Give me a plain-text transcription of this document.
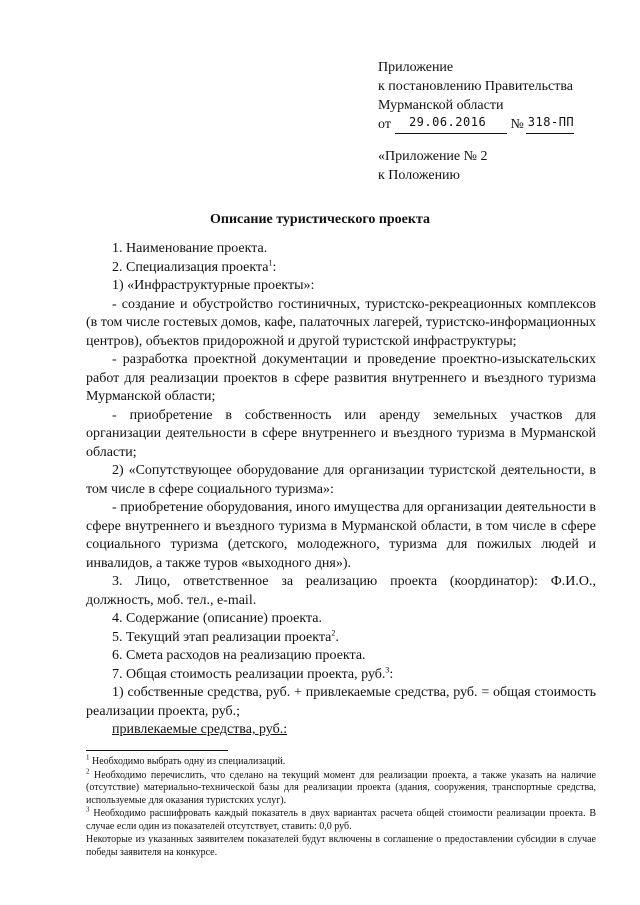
Приложение
к постановлению Правительства
Мурманской области
от 29.06.2016 № 318-ПП
«Приложение № 2
к Положению
Описание туристического проекта

1. Наименование проекта.

2. Специализация проекта$^1$:

1) «Инфраструктурные проекты»:

- создание и обустройство гостиничных, туристско-рекреационных комплексов (в том числе гостевых домов, кафе, палаточных лагерей, туристско-информационных центров), объектов придорожной и другой туристской инфраструктуры;

- разработка проектной документации и проведение проектно-изыскательских работ для реализации проектов в сфере развития внутреннего и въездного туризма Мурманской области;

- приобретение в собственность или аренду земельных участков для организации деятельности в сфере внутреннего и въездного туризма в Мурманской области;

2) «Сопутствующее оборудование для организации туристской деятельности, в том числе в сфере социального туризма»:

- приобретение оборудования, иного имущества для организации деятельности в сфере внутреннего и въездного туризма в Мурманской области, в том числе в сфере социального туризма (детского, молодежного, туризма для пожилых людей и инвалидов, а также туров «выходного дня»).

3. Лицо, ответственное за реализацию проекта (координатор): Ф.И.О., должность, моб. тел., e-mail.

4. Содержание (описание) проекта.

5. Текущий этап реализации проекта$^2$.

6. Смета расходов на реализацию проекта.

7. Общая стоимость реализации проекта, руб.$^3$:

1) собственные средства, руб. + привлекаемые средства, руб. = общая стоимость реализации проекта, руб.;

привлекаемые средства, руб.:

$^1$ Необходимо выбрать одну из специализаций.

$^2$ Необходимо перечислить, что сделано на текущий момент для реализации проекта, а также указать на наличие (отсутствие) материально-технической базы для реализации проекта (здания, сооружения, транспортные средства, используемые для оказания туристских услуг).

$^3$ Необходимо расшифровать каждый показатель в двух вариантах расчета общей стоимости реализации проекта. В случае если один из показателей отсутствует, ставить: 0,0 руб.

Некоторые из указанных заявителем показателей будут включены в соглашение о предоставлении субсидии в случае победы заявителя на конкурсе.
